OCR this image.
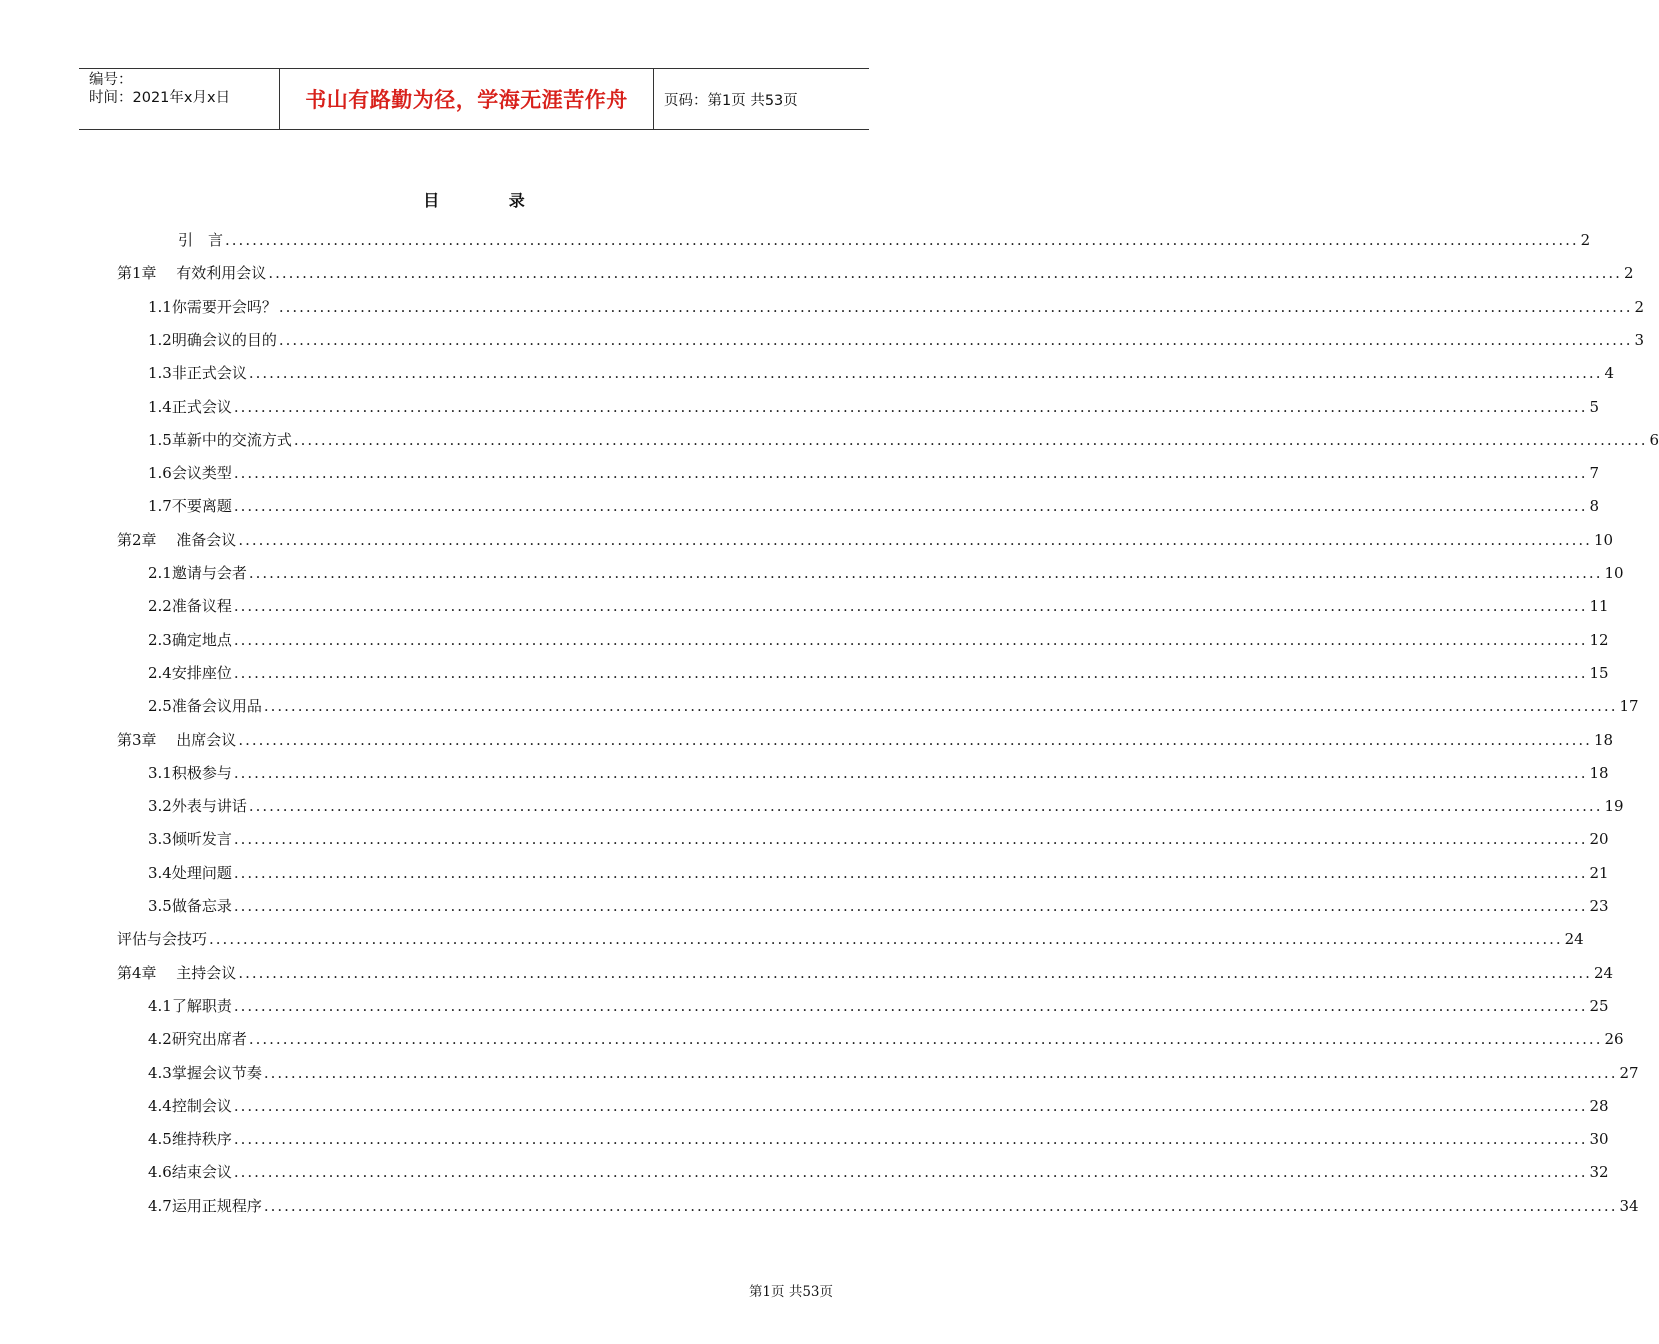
编号：
时间：2021年x月x日	书山有路勤为径，学海无涯苦作舟	页码：第1页 共53页
目 录
引　言 ........................................................................................................................................................................................................ 2
第1章　 有效利用会议 ........................................................................................................................................................................................................ 2
1.1你需要开会吗？ ........................................................................................................................................................................................................ 2
1.2明确会议的目的 ........................................................................................................................................................................................................ 3
1.3非正式会议 ........................................................................................................................................................................................................ 4
1.4正式会议 ........................................................................................................................................................................................................ 5
1.5革新中的交流方式 ........................................................................................................................................................................................................ 6
1.6会议类型 ........................................................................................................................................................................................................ 7
1.7不要离题 ........................................................................................................................................................................................................ 8
第2章　 准备会议 ........................................................................................................................................................................................................ 10
2.1邀请与会者 ........................................................................................................................................................................................................ 10
2.2准备议程 ........................................................................................................................................................................................................ 11
2.3确定地点 ........................................................................................................................................................................................................ 12
2.4安排座位 ........................................................................................................................................................................................................ 15
2.5准备会议用品 ........................................................................................................................................................................................................ 17
第3章　 出席会议 ........................................................................................................................................................................................................ 18
3.1积极参与 ........................................................................................................................................................................................................ 18
3.2外表与讲话 ........................................................................................................................................................................................................ 19
3.3倾听发言 ........................................................................................................................................................................................................ 20
3.4处理问题 ........................................................................................................................................................................................................ 21
3.5做备忘录 ........................................................................................................................................................................................................ 23
评估与会技巧 ........................................................................................................................................................................................................ 24
第4章　 主持会议 ........................................................................................................................................................................................................ 24
4.1了解职责 ........................................................................................................................................................................................................ 25
4.2研究出席者 ........................................................................................................................................................................................................ 26
4.3掌握会议节奏 ........................................................................................................................................................................................................ 27
4.4控制会议 ........................................................................................................................................................................................................ 28
4.5维持秩序 ........................................................................................................................................................................................................ 30
4.6结束会议 ........................................................................................................................................................................................................ 32
4.7运用正规程序 ........................................................................................................................................................................................................ 34
第1页 共53页
